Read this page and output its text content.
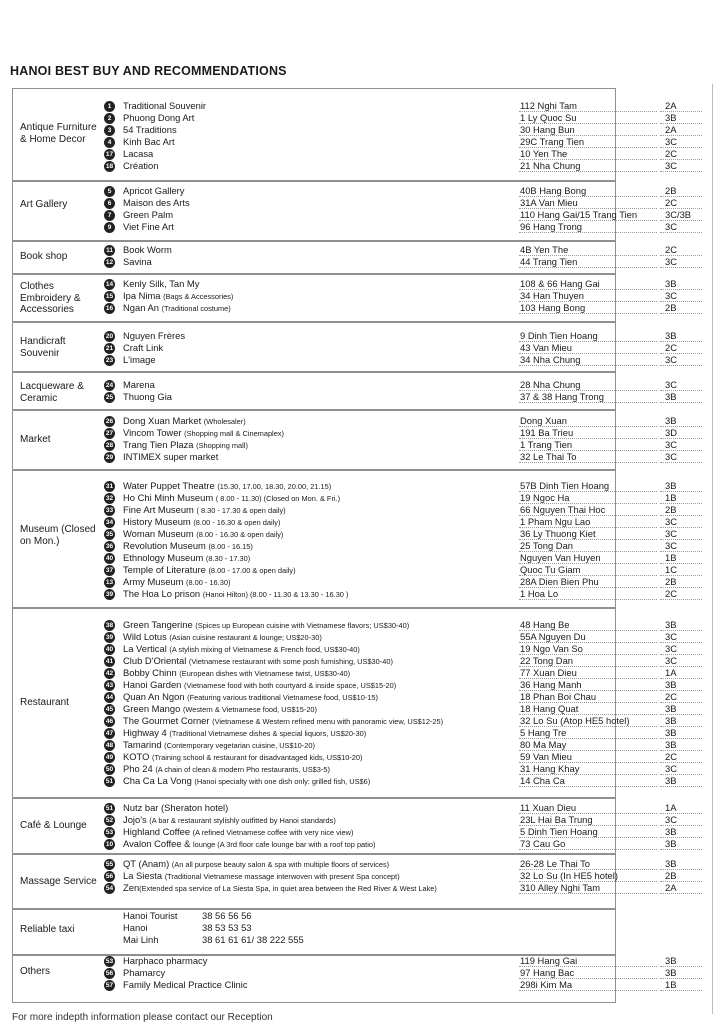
HANOI BEST BUY AND RECOMMENDATIONS
Antique Furniture & Home Decor
1	Traditional Souvenir	112 Nghi Tam	2A
2	Phuong Dong Art	1 Ly Quoc Su	3B
3	54 Traditions	30 Hang Bun	2A
4	Kinh Bac Art	29C Trang Tien	3C
17 Lacasa	10 Yen The	2C
18 Création	21 Nha Chung	3C
Art Gallery
5	Apricot Gallery	40B Hang Bong	2B
6	Maison des Arts	31A Van Mieu	2C
7	Green Palm	110 Hang Gai/15 Trang Tien	3C/3B
9	Viet Fine Art	96 Hang Trong	3C
Book shop
11 Book Worm	4B Yen The	2C
12 Savina	44 Trang Tien	3C
Clothes Embroidery & Accessories
14 Kenly Silk, Tan My	108 & 66 Hang Gai	3B
15 Ipa Nima (Bags & Accessories)	34 Han Thuyen	3C
16 Ngan An (Traditional costume)	103 Hang Bong	2B
Handicraft Souvenir
20 Nguyen Frères	9 Dinh Tien Hoang	3B
21 Craft Link	43 Van Mieu	2C
23 L'image	34 Nha Chung	3C
Lacqueware & Ceramic
24 Marena	28 Nha Chung	3C
25 Thuong Gia	37 & 38 Hang Trong	3B
Market
26 Dong Xuan Market (Wholesaler)	Dong Xuan	3B
27 Vincom Tower (Shopping mall & Cinemaplex)	191 Ba Trieu	3D
28 Trang Tien Plaza (Shopping mall)	1 Trang Tien	3C
29 INTIMEX super market	32 Le Thai To	3C
Museum (Closed on Mon.)
31 Water Puppet Theatre (15.30, 17.00, 18.30, 20.00, 21.15)	57B Dinh Tien Hoang	3B
32 Ho Chi Minh Museum ( 8.00 - 11.30) (Closed on Mon. & Fri.)	19 Ngoc Ha	1B
33 Fine Art Museum ( 8.30 - 17.30 & open daily)	66 Nguyen Thai Hoc	2B
34 History Museum (8.00 - 16.30 & open daily)	1 Pham Ngu Lao	3C
35 Woman Museum (8.00 - 16.30 & open daily)	36 Ly Thuong Kiet	3C
36 Revolution Museum (8.00 - 16.15)	25 Tong Dan	3C
40 Ethnology Museum (8.30 - 17.30)	Nguyen Van Huyen	1B
37 Temple of Literature (8.00 - 17.00 & open daily)	Quoc Tu Giam	1C
13 Army Museum (8.00 - 16.30)	28A Dien Bien Phu	2B
39 The Hoa Lo prison (Hanoi Hilton) (8.00 - 11.30 & 13.30 - 16.30 )	1 Hoa Lo	2C
Restaurant
38 Green Tangerine (Spices up European cuisine with Vietnamese flavors; US$30-40)	48 Hang Be	3B
39 Wild Lotus (Asian cuisine restaurant & lounge; US$20-30)	55A Nguyen Du	3C
40 La Vertical (A stylish mixing of Vietnamese & French food, US$30-40)	19 Ngo Van So	3C
41 Club D'Oriental (Vietnamese restaurant with some posh furnishing, US$30-40)	22 Tong Dan	3C
42 Bobby Chinn (European dishes with Vietnamese twist, US$30-40)	77 Xuan Dieu	1A
43 Hanoi Garden (Vietnamese food with both courtyard & inside space, US$15-20)	36 Hang Manh	3B
44 Quan An Ngon (Featuring various traditional Vietnamese food, US$10-15)	18 Phan Boi Chau	2C
45 Green Mango (Western & Vietnamese food, US$15-20)	18 Hang Quat	3B
46 The Gourmet Corner (Vietnamese & Western refined menu with panoramic view, US$12-25)	32 Lo Su (Atop HE5 hotel)	3B
47 Highway 4 (Traditional Vietnamese dishes & special liquors, US$20-30)	5 Hang Tre	3B
48 Tamarind (Contemporary vegetarian cuisine, US$10-20)	80 Ma May	3B
49 KOTO (Training school & restaurant for disadvantaged kids, US$10-20)	59 Van Mieu	2C
50 Pho 24 (A chain of clean & modern Pho restaurants, US$3-5)	31 Hang Khay	3C
51 Cha Ca La Vong (Hanoi specialty with one dish only: grilled fish, US$6)	14 Cha Ca	3B
Café & Lounge
51 Nutz bar (Sheraton hotel)	11 Xuan Dieu	1A
52 Jojo's (A bar & restaurant stylishly outfitted by Hanoi standards)	23L Hai Ba Trung	3C
53 Highland Coffee (A refined Vietnamese coffee with very nice view)	5 Dinh Tien Hoang	3B
10 Avalon Coffee & lounge (A 3rd floor cafe lounge bar with a roof top patio)	73 Cau Go	3B
Massage Service
55 QT (Anam) (An all purpose beauty salon & spa with multiple floors of services)	26-28 Le Thai To	3B
56 La Siesta (Traditional Vietnamese massage interwoven with present Spa concept)	32 Lo Su (In HE5 hotel)	2B
54 Zen(Extended spa service of La Siesta Spa, in quiet area between the Red River & West Lake)	310 Alley Nghi Tam	2A
Reliable taxi
Hanoi Tourist	38 56 56 56
Hanoi	38 53 53 53
Mai Linh	38 61 61 61/ 38 222 555
Others
53 Harphaco pharmacy	119 Hang Gai	3B
56 Phamarcy	97 Hang Bac	3B
57 Family Medical Practice Clinic	298i Kim Ma	1B
For more indepth information please contact our Reception
